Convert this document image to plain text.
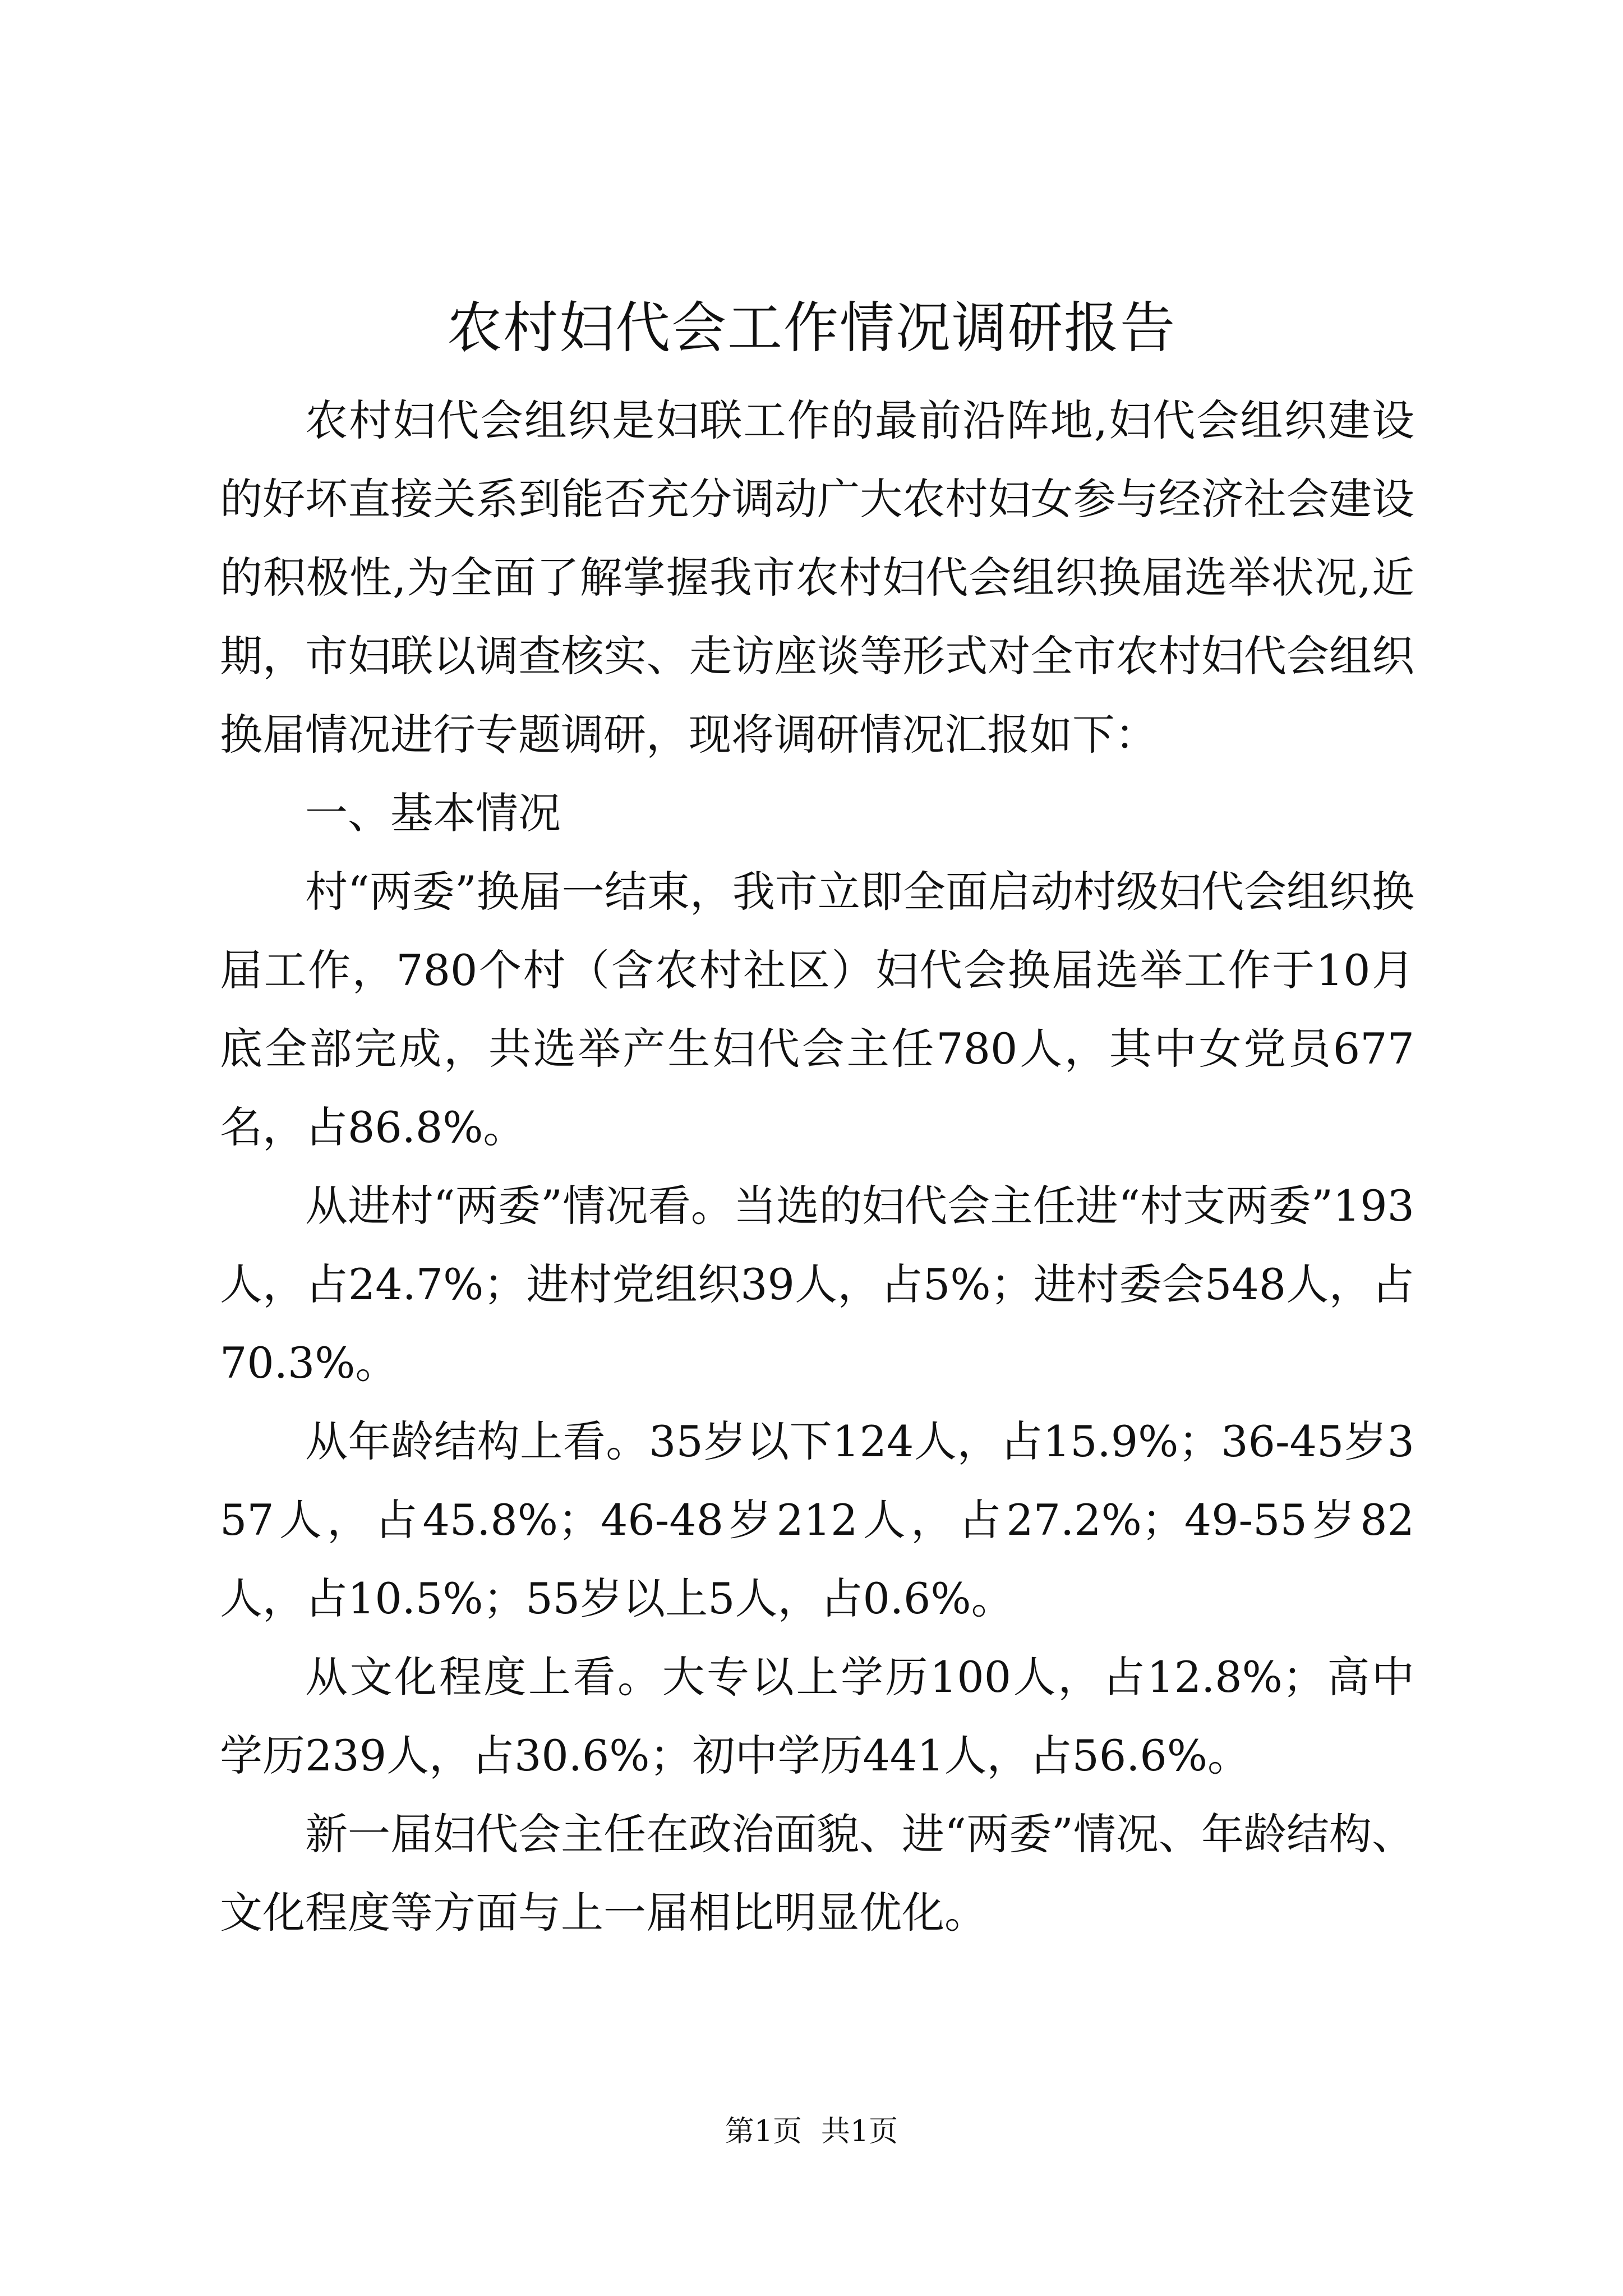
农村妇代会工作情况调研报告

农村妇代会组织是妇联工作的最前沿阵地,妇代会组织建设的好坏直接关系到能否充分调动广大农村妇女参与经济社会建设的积极性,为全面了解掌握我市农村妇代会组织换届选举状况,近期，市妇联以调查核实、走访座谈等形式对全市农村妇代会组织换届情况进行专题调研，现将调研情况汇报如下：

一、基本情况

村“两委”换届一结束，我市立即全面启动村级妇代会组织换届工作，780个村（含农村社区）妇代会换届选举工作于10月底全部完成，共选举产生妇代会主任780人，其中女党员677名，占86.8%。

从进村“两委”情况看。当选的妇代会主任进“村支两委”193人，占24.7%；进村党组织39人，占5%；进村委会548人，占70.3%。

从年龄结构上看。35岁以下124人，占15.9%；36-45岁357人，占45.8%；46-48岁212人，占27.2%；49-55岁82人，占10.5%；55岁以上5人，占0.6%。

从文化程度上看。大专以上学历100人，占12.8%；高中学历239人，占30.6%；初中学历441人，占56.6%。

新一届妇代会主任在政治面貌、进“两委”情况、年龄结构、文化程度等方面与上一届相比明显优化。

第1页 共1页
